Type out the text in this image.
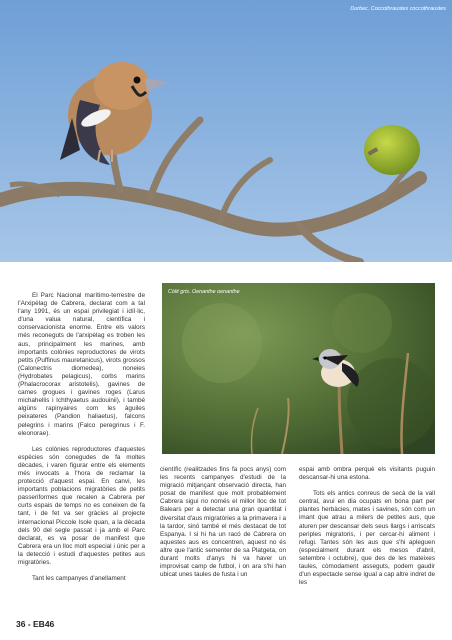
Durbec. Coccothraustes coccothraustes

El Parc Nacional marítimo-terrestre de l'Arxipèlag de Cabrera, declarat com a tal l'any 1991, és un espai privilegiat i idíl·lic, d'una valua natural, científica i conservacionista enorme. Entre els valors més reconeguts de l'arxipèlag es troben les aus, principalment les marines, amb importants colònies reproductores de virots petits (Puffinus mauretanicus), virots grossos (Calonectris diomedea), noneies (Hydrobates pelagicus), corbs marins (Phalacrocorax aristotelis), gavines de cames grogues i gavines roges (Larus michahellis i Ichthyaetus audouinii), i també algüns rapinyaires com les àguiles peixateres (Pandion haliaetus), falcons pelegrins i marins (Falco peregrinus i F. eleonorae).

Les colònies reproductores d'aquestes espècies són conegudes de fa moltes dècades, i varen figurar entre els elements més invocats a l'hora de reclamar la protecció d'aquest espai. En canvi, les importants poblacions migratòries de petits passeriformes que recalen a Cabrera per curts espais de temps no es coneixen de fa tant, i de fet va ser gràcies al projecte internacional Piccole Isole quan, a la dècada dels 90 del segle passat i ja amb el Parc declarat, es va posar de manifest que Cabrera era un lloc molt especial i únic per a la detecció i estudi d'aquestes petites aus migratòries.

Tant les campanyes d'anellament

Còlit gris. Oenanthe oenanthe

científic (realitzades fins fa pocs anys) com les recents campanyes d'estudi de la migració mitjançant observació directa, han posat de manifest que molt probablement Cabrera sigui no només el millor lloc de tot Balears per a detectar una gran quantitat i diversitat d'aus migratòries a la primavera i a la tardor, sinó també el més destacat de tot Espanya. I si hi ha un racó de Cabrera on aquestes aus es concentren, aquest no és altre que l'antic sementer de sa Platgeta, on durant molts d'anys hi va haver un improvisat camp de futbol, i on ara s'hi han ubicat unes taules de fusta i un

espai amb ombra perquè els visitants puguin descansar-hi una estona.

Tots els antics conreus de secà de la vall central, avui en dia ocupats en bona part per plantes herbàcies, mates i savines, són com un imant que atrau a milers de petites aus, que aturen per descansar dels seus llargs i arriscats periples migratoris, i per cercar-hi aliment i refugi. Tantes són les aus que s'hi apleguen (especialment durant els mesos d'abril, setembre i octubre), que des de les mateixes taules, còmodament asseguts, podem gaudir d'un espectacle sense igual a cap altre indret de les

36 - EB46
